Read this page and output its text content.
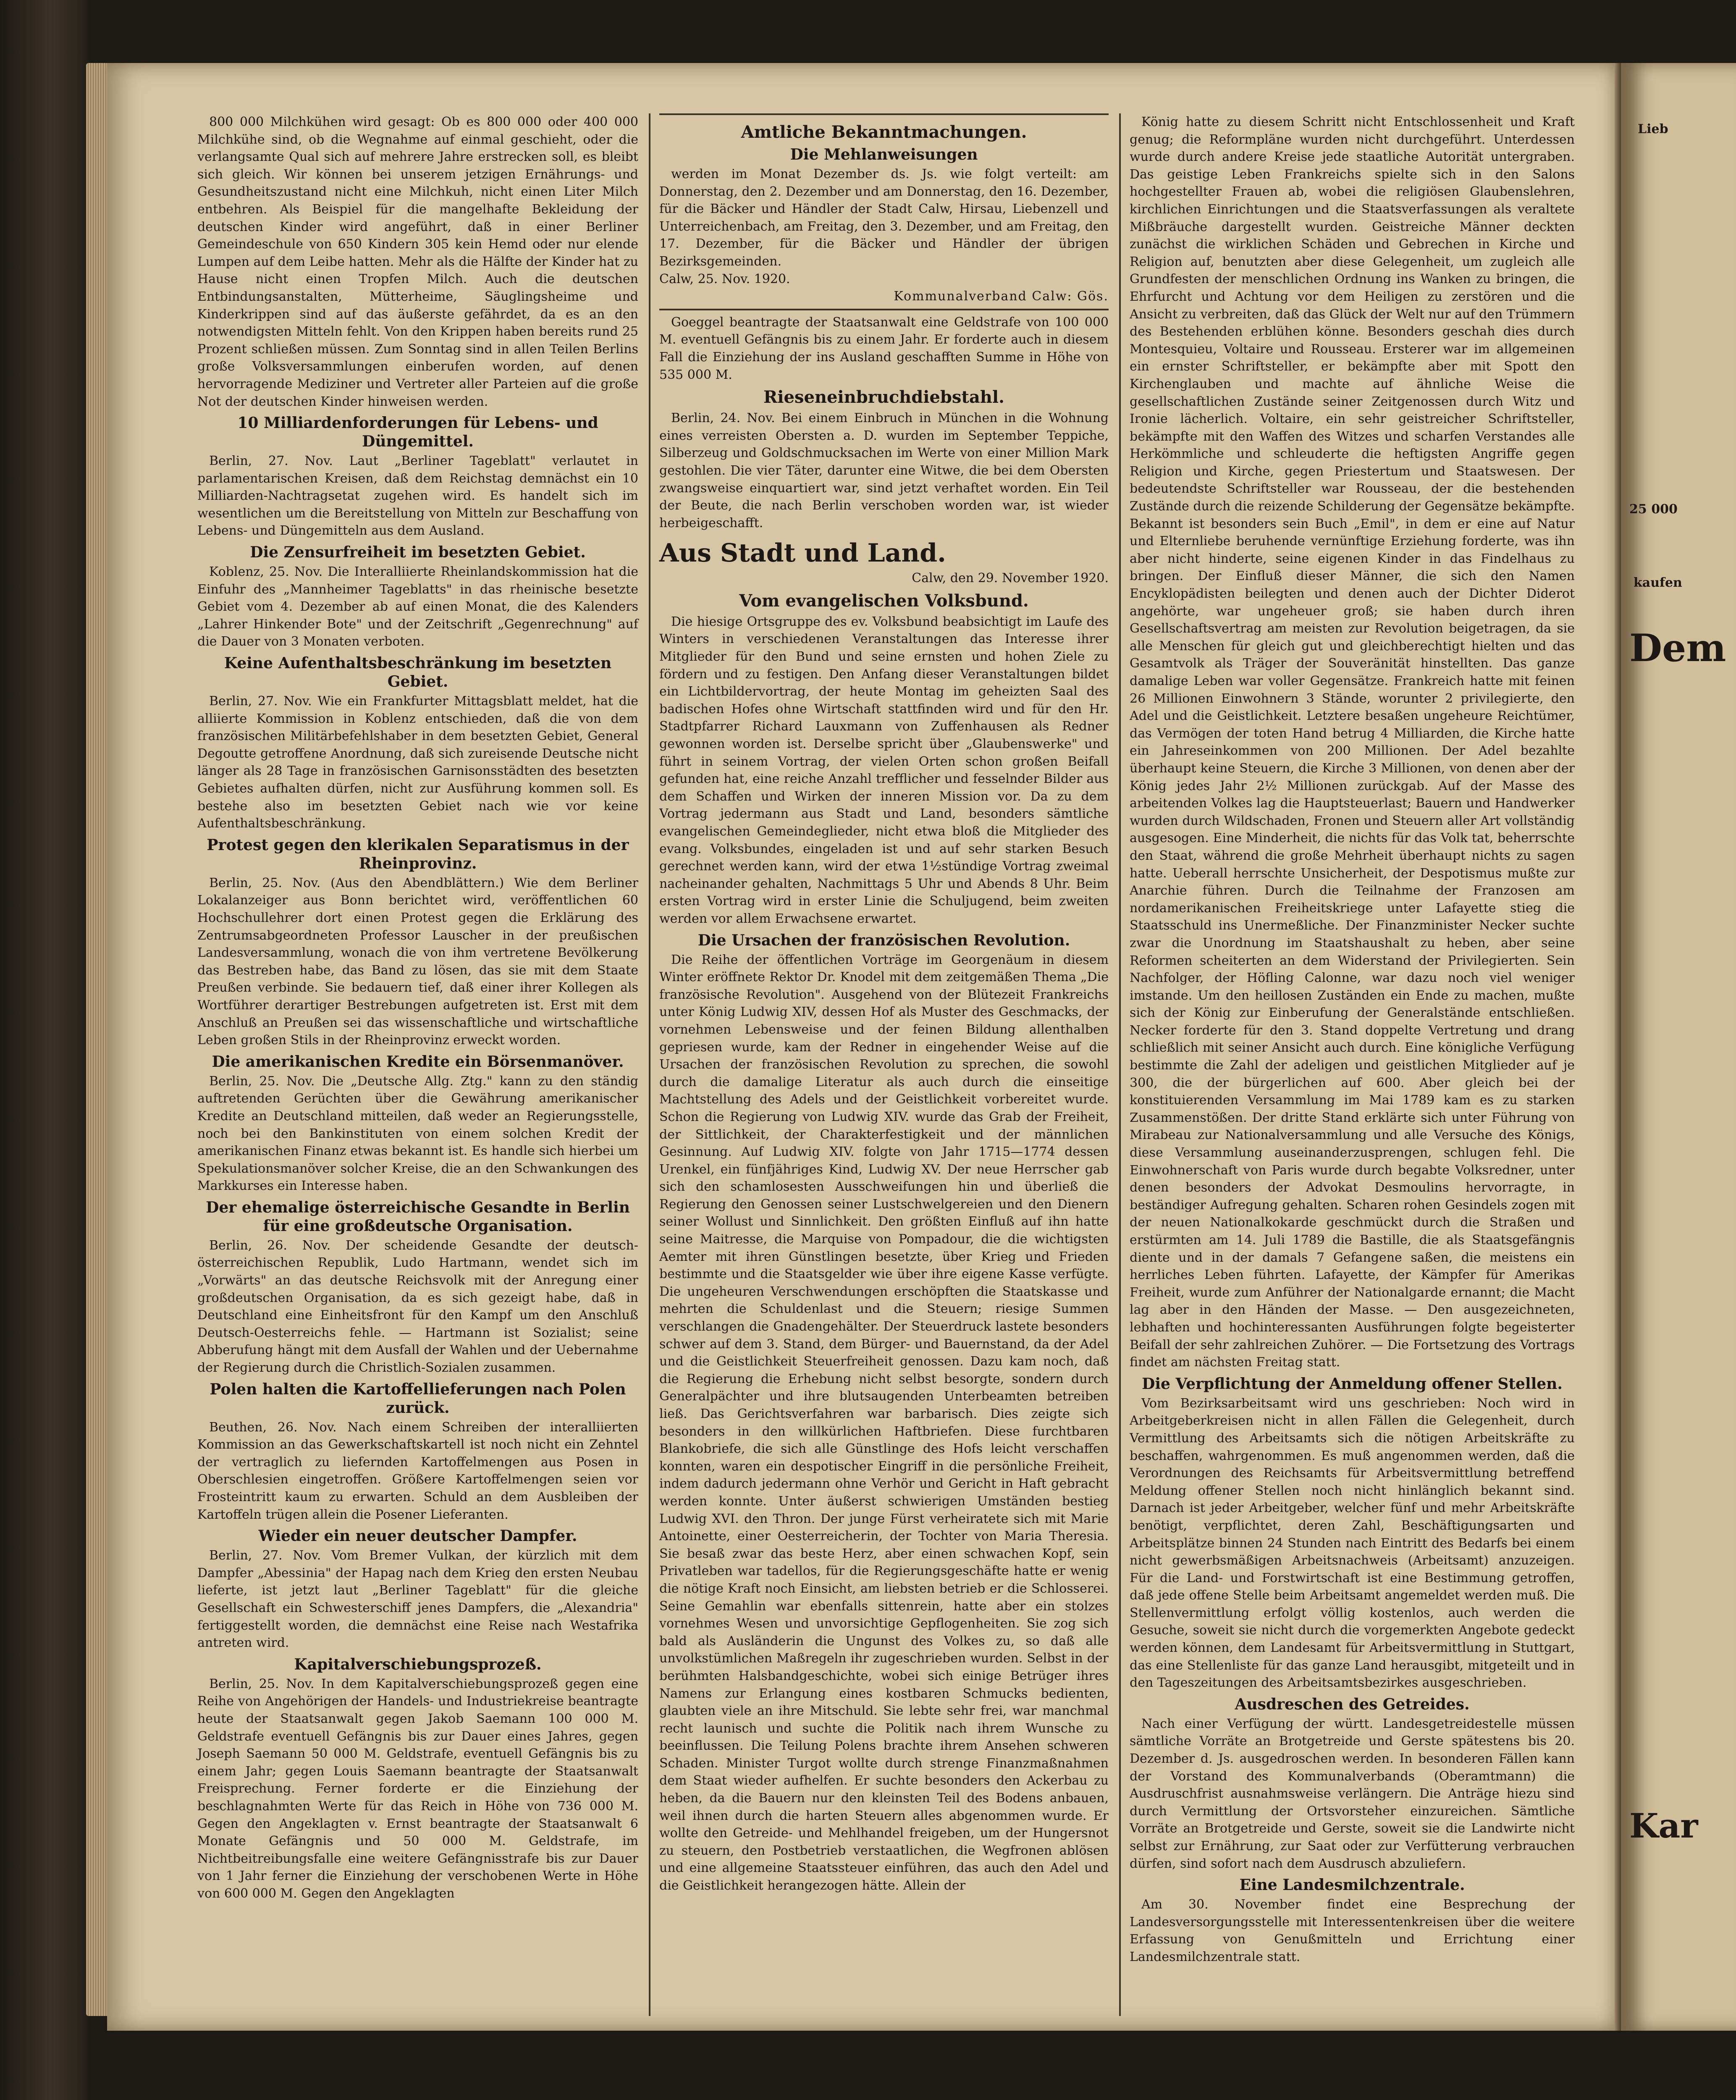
Lieb
kaufen
Dem
Kar
25 000

800 000 Milchkühen wird gesagt: Ob es 800 000 oder 400 000 Milchkühe sind, ob die Wegnahme auf einmal geschieht, oder die verlangsamte Qual sich auf mehrere Jahre erstrecken soll, es bleibt sich gleich. Wir können bei unserem jetzigen Ernährungs- und Gesundheitszustand nicht eine Milchkuh, nicht einen Liter Milch entbehren. Als Beispiel für die mangelhafte Bekleidung der deutschen Kinder wird angeführt, daß in einer Berliner Gemeindeschule von 650 Kindern 305 kein Hemd oder nur elende Lumpen auf dem Leibe hatten. Mehr als die Hälfte der Kinder hat zu Hause nicht einen Tropfen Milch. Auch die deutschen Entbindungsanstalten, Mütterheime, Säuglingsheime und Kinderkrippen sind auf das äußerste gefährdet, da es an den notwendigsten Mitteln fehlt. Von den Krippen haben bereits rund 25 Prozent schließen müssen. Zum Sonntag sind in allen Teilen Berlins große Volksversammlungen einberufen worden, auf denen hervorragende Mediziner und Vertreter aller Parteien auf die große Not der deutschen Kinder hinweisen werden.

10 Milliardenforderungen für Lebens- und Düngemittel.

Berlin, 27. Nov. Laut „Berliner Tageblatt" verlautet in parlamentarischen Kreisen, daß dem Reichstag demnächst ein 10 Milliarden-Nachtragsetat zugehen wird. Es handelt sich im wesentlichen um die Bereitstellung von Mitteln zur Beschaffung von Lebens- und Düngemitteln aus dem Ausland.

Die Zensurfreiheit im besetzten Gebiet.

Koblenz, 25. Nov. Die Interalliierte Rheinlandskommission hat die Einfuhr des „Mannheimer Tageblatts" in das rheinische besetzte Gebiet vom 4. Dezember ab auf einen Monat, die des Kalenders „Lahrer Hinkender Bote" und der Zeitschrift „Gegenrechnung" auf die Dauer von 3 Monaten verboten.

Keine Aufenthaltsbeschränkung im besetzten Gebiet.

Berlin, 27. Nov. Wie ein Frankfurter Mittagsblatt meldet, hat die alliierte Kommission in Koblenz entschieden, daß die von dem französischen Militärbefehlshaber in dem besetzten Gebiet, General Degoutte getroffene Anordnung, daß sich zureisende Deutsche nicht länger als 28 Tage in französischen Garnisonsstädten des besetzten Gebietes aufhalten dürfen, nicht zur Ausführung kommen soll. Es bestehe also im besetzten Gebiet nach wie vor keine Aufenthaltsbeschränkung.

Protest gegen den klerikalen Separatismus in der Rheinprovinz.

Berlin, 25. Nov. (Aus den Abendblättern.) Wie dem Berliner Lokalanzeiger aus Bonn berichtet wird, veröffentlichen 60 Hochschullehrer dort einen Protest gegen die Erklärung des Zentrumsabgeordneten Professor Lauscher in der preußischen Landesversammlung, wonach die von ihm vertretene Bevölkerung das Bestreben habe, das Band zu lösen, das sie mit dem Staate Preußen verbinde. Sie bedauern tief, daß einer ihrer Kollegen als Wortführer derartiger Bestrebungen aufgetreten ist. Erst mit dem Anschluß an Preußen sei das wissenschaftliche und wirtschaftliche Leben großen Stils in der Rheinprovinz erweckt worden.

Die amerikanischen Kredite ein Börsenmanöver.

Berlin, 25. Nov. Die „Deutsche Allg. Ztg." kann zu den ständig auftretenden Gerüchten über die Gewährung amerikanischer Kredite an Deutschland mitteilen, daß weder an Regierungsstelle, noch bei den Bankinstituten von einem solchen Kredit der amerikanischen Finanz etwas bekannt ist. Es handle sich hierbei um Spekulationsmanöver solcher Kreise, die an den Schwankungen des Markkurses ein Interesse haben.

Der ehemalige österreichische Gesandte in Berlin für eine großdeutsche Organisation.

Berlin, 26. Nov. Der scheidende Gesandte der deutsch-österreichischen Republik, Ludo Hartmann, wendet sich im „Vorwärts" an das deutsche Reichsvolk mit der Anregung einer großdeutschen Organisation, da es sich gezeigt habe, daß in Deutschland eine Einheitsfront für den Kampf um den Anschluß Deutsch-Oesterreichs fehle. — Hartmann ist Sozialist; seine Abberufung hängt mit dem Ausfall der Wahlen und der Uebernahme der Regierung durch die Christlich-Sozialen zusammen.

Polen halten die Kartoffellieferungen nach Polen zurück.

Beuthen, 26. Nov. Nach einem Schreiben der interalliierten Kommission an das Gewerkschaftskartell ist noch nicht ein Zehntel der vertraglich zu liefernden Kartoffelmengen aus Posen in Oberschlesien eingetroffen. Größere Kartoffelmengen seien vor Frosteintritt kaum zu erwarten. Schuld an dem Ausbleiben der Kartoffeln trügen allein die Posener Lieferanten.

Wieder ein neuer deutscher Dampfer.

Berlin, 27. Nov. Vom Bremer Vulkan, der kürzlich mit dem Dampfer „Abessinia" der Hapag nach dem Krieg den ersten Neubau lieferte, ist jetzt laut „Berliner Tageblatt" für die gleiche Gesellschaft ein Schwesterschiff jenes Dampfers, die „Alexandria" fertiggestellt worden, die demnächst eine Reise nach Westafrika antreten wird.

Kapitalverschiebungsprozeß.

Berlin, 25. Nov. In dem Kapitalverschiebungsprozeß gegen eine Reihe von Angehörigen der Handels- und Industriekreise beantragte heute der Staatsanwalt gegen Jakob Saemann 100 000 M. Geldstrafe eventuell Gefängnis bis zur Dauer eines Jahres, gegen Joseph Saemann 50 000 M. Geldstrafe, eventuell Gefängnis bis zu einem Jahr; gegen Louis Saemann beantragte der Staatsanwalt Freisprechung. Ferner forderte er die Einziehung der beschlagnahmten Werte für das Reich in Höhe von 736 000 M. Gegen den Angeklagten v. Ernst beantragte der Staatsanwalt 6 Monate Gefängnis und 50 000 M. Geldstrafe, im Nichtbeitreibungsfalle eine weitere Gefängnisstrafe bis zur Dauer von 1 Jahr ferner die Einziehung der verschobenen Werte in Höhe von 600 000 M. Gegen den Angeklagten

Amtliche Bekanntmachungen.
Die Mehlanweisungen

werden im Monat Dezember ds. Js. wie folgt verteilt: am Donnerstag, den 2. Dezember und am Donnerstag, den 16. Dezember, für die Bäcker und Händler der Stadt Calw, Hirsau, Liebenzell und Unterreichenbach, am Freitag, den 3. Dezember, und am Freitag, den 17. Dezember, für die Bäcker und Händler der übrigen Bezirksgemeinden.

Calw, 25. Nov. 1920.
Kommunalverband Calw: Gös.

Goeggel beantragte der Staatsanwalt eine Geldstrafe von 100 000 M. eventuell Gefängnis bis zu einem Jahr. Er forderte auch in diesem Fall die Einziehung der ins Ausland geschafften Summe in Höhe von 535 000 M.

Rieseneinbruchdiebstahl.

Berlin, 24. Nov. Bei einem Einbruch in München in die Wohnung eines verreisten Obersten a. D. wurden im September Teppiche, Silberzeug und Goldschmucksachen im Werte von einer Million Mark gestohlen. Die vier Täter, darunter eine Witwe, die bei dem Obersten zwangsweise einquartiert war, sind jetzt verhaftet worden. Ein Teil der Beute, die nach Berlin verschoben worden war, ist wieder herbeigeschafft.

Aus Stadt und Land.
Calw, den 29. November 1920.
Vom evangelischen Volksbund.

Die hiesige Ortsgruppe des ev. Volksbund beabsichtigt im Laufe des Winters in verschiedenen Veranstaltungen das Interesse ihrer Mitglieder für den Bund und seine ernsten und hohen Ziele zu fördern und zu festigen. Den Anfang dieser Veranstaltungen bildet ein Lichtbildervortrag, der heute Montag im geheizten Saal des badischen Hofes ohne Wirtschaft stattfinden wird und für den Hr. Stadtpfarrer Richard Lauxmann von Zuffenhausen als Redner gewonnen worden ist. Derselbe spricht über „Glaubenswerke" und führt in seinem Vortrag, der vielen Orten schon großen Beifall gefunden hat, eine reiche Anzahl trefflicher und fesselnder Bilder aus dem Schaffen und Wirken der inneren Mission vor. Da zu dem Vortrag jedermann aus Stadt und Land, besonders sämtliche evangelischen Gemeindeglieder, nicht etwa bloß die Mitglieder des evang. Volksbundes, eingeladen ist und auf sehr starken Besuch gerechnet werden kann, wird der etwa 1½stündige Vortrag zweimal nacheinander gehalten, Nachmittags 5 Uhr und Abends 8 Uhr. Beim ersten Vortrag wird in erster Linie die Schuljugend, beim zweiten werden vor allem Erwachsene erwartet.

Die Ursachen der französischen Revolution.

Die Reihe der öffentlichen Vorträge im Georgenäum in diesem Winter eröffnete Rektor Dr. Knodel mit dem zeitgemäßen Thema „Die französische Revolution". Ausgehend von der Blütezeit Frankreichs unter König Ludwig XIV, dessen Hof als Muster des Geschmacks, der vornehmen Lebensweise und der feinen Bildung allenthalben gepriesen wurde, kam der Redner in eingehender Weise auf die Ursachen der französischen Revolution zu sprechen, die sowohl durch die damalige Literatur als auch durch die einseitige Machtstellung des Adels und der Geistlichkeit vorbereitet wurde. Schon die Regierung von Ludwig XIV. wurde das Grab der Freiheit, der Sittlichkeit, der Charakterfestigkeit und der männlichen Gesinnung. Auf Ludwig XIV. folgte von Jahr 1715—1774 dessen Urenkel, ein fünfjähriges Kind, Ludwig XV. Der neue Herrscher gab sich den schamlosesten Ausschweifungen hin und überließ die Regierung den Genossen seiner Lustschwelgereien und den Dienern seiner Wollust und Sinnlichkeit. Den größten Einfluß auf ihn hatte seine Maitresse, die Marquise von Pompadour, die die wichtigsten Aemter mit ihren Günstlingen besetzte, über Krieg und Frieden bestimmte und die Staatsgelder wie über ihre eigene Kasse verfügte. Die ungeheuren Verschwendungen erschöpften die Staatskasse und mehrten die Schuldenlast und die Steuern; riesige Summen verschlangen die Gnadengehälter. Der Steuerdruck lastete besonders schwer auf dem 3. Stand, dem Bürger- und Bauernstand, da der Adel und die Geistlichkeit Steuerfreiheit genossen. Dazu kam noch, daß die Regierung die Erhebung nicht selbst besorgte, sondern durch Generalpächter und ihre blutsaugenden Unterbeamten betreiben ließ. Das Gerichtsverfahren war barbarisch. Dies zeigte sich besonders in den willkürlichen Haftbriefen. Diese furchtbaren Blankobriefe, die sich alle Günstlinge des Hofs leicht verschaffen konnten, waren ein despotischer Eingriff in die persönliche Freiheit, indem dadurch jedermann ohne Verhör und Gericht in Haft gebracht werden konnte. Unter äußerst schwierigen Umständen bestieg Ludwig XVI. den Thron. Der junge Fürst verheiratete sich mit Marie Antoinette, einer Oesterreicherin, der Tochter von Maria Theresia. Sie besaß zwar das beste Herz, aber einen schwachen Kopf, sein Privatleben war tadellos, für die Regierungsgeschäfte hatte er wenig die nötige Kraft noch Einsicht, am liebsten betrieb er die Schlosserei. Seine Gemahlin war ebenfalls sittenrein, hatte aber ein stolzes vornehmes Wesen und unvorsichtige Gepflogenheiten. Sie zog sich bald als Ausländerin die Ungunst des Volkes zu, so daß alle unvolkstümlichen Maßregeln ihr zugeschrieben wurden. Selbst in der berühmten Halsbandgeschichte, wobei sich einige Betrüger ihres Namens zur Erlangung eines kostbaren Schmucks bedienten, glaubten viele an ihre Mitschuld. Sie lebte sehr frei, war manchmal recht launisch und suchte die Politik nach ihrem Wunsche zu beeinflussen. Die Teilung Polens brachte ihrem Ansehen schweren Schaden. Minister Turgot wollte durch strenge Finanzmaßnahmen dem Staat wieder aufhelfen. Er suchte besonders den Ackerbau zu heben, da die Bauern nur den kleinsten Teil des Bodens anbauen, weil ihnen durch die harten Steuern alles abgenommen wurde. Er wollte den Getreide- und Mehlhandel freigeben, um der Hungersnot zu steuern, den Postbetrieb verstaatlichen, die Wegfronen ablösen und eine allgemeine Staatssteuer einführen, das auch den Adel und die Geistlichkeit herangezogen hätte. Allein der

König hatte zu diesem Schritt nicht Entschlossenheit und Kraft genug; die Reformpläne wurden nicht durchgeführt. Unterdessen wurde durch andere Kreise jede staatliche Autorität untergraben. Das geistige Leben Frankreichs spielte sich in den Salons hochgestellter Frauen ab, wobei die religiösen Glaubenslehren, kirchlichen Einrichtungen und die Staatsverfassungen als veraltete Mißbräuche dargestellt wurden. Geistreiche Männer deckten zunächst die wirklichen Schäden und Gebrechen in Kirche und Religion auf, benutzten aber diese Gelegenheit, um zugleich alle Grundfesten der menschlichen Ordnung ins Wanken zu bringen, die Ehrfurcht und Achtung vor dem Heiligen zu zerstören und die Ansicht zu verbreiten, daß das Glück der Welt nur auf den Trümmern des Bestehenden erblühen könne. Besonders geschah dies durch Montesquieu, Voltaire und Rousseau. Ersterer war im allgemeinen ein ernster Schriftsteller, er bekämpfte aber mit Spott den Kirchenglauben und machte auf ähnliche Weise die gesellschaftlichen Zustände seiner Zeitgenossen durch Witz und Ironie lächerlich. Voltaire, ein sehr geistreicher Schriftsteller, bekämpfte mit den Waffen des Witzes und scharfen Verstandes alle Herkömmliche und schleuderte die heftigsten Angriffe gegen Religion und Kirche, gegen Priestertum und Staatswesen. Der bedeutendste Schriftsteller war Rousseau, der die bestehenden Zustände durch die reizende Schilderung der Gegensätze bekämpfte. Bekannt ist besonders sein Buch „Emil", in dem er eine auf Natur und Elternliebe beruhende vernünftige Erziehung forderte, was ihn aber nicht hinderte, seine eigenen Kinder in das Findelhaus zu bringen. Der Einfluß dieser Männer, die sich den Namen Encyklopädisten beilegten und denen auch der Dichter Diderot angehörte, war ungeheuer groß; sie haben durch ihren Gesellschaftsvertrag am meisten zur Revolution beigetragen, da sie alle Menschen für gleich gut und gleichberechtigt hielten und das Gesamtvolk als Träger der Souveränität hinstellten. Das ganze damalige Leben war voller Gegensätze. Frankreich hatte mit feinen 26 Millionen Einwohnern 3 Stände, worunter 2 privilegierte, den Adel und die Geistlichkeit. Letztere besaßen ungeheure Reichtümer, das Vermögen der toten Hand betrug 4 Milliarden, die Kirche hatte ein Jahreseinkommen von 200 Millionen. Der Adel bezahlte überhaupt keine Steuern, die Kirche 3 Millionen, von denen aber der König jedes Jahr 2½ Millionen zurückgab. Auf der Masse des arbeitenden Volkes lag die Hauptsteuerlast; Bauern und Handwerker wurden durch Wildschaden, Fronen und Steuern aller Art vollständig ausgesogen. Eine Minderheit, die nichts für das Volk tat, beherrschte den Staat, während die große Mehrheit überhaupt nichts zu sagen hatte. Ueberall herrschte Unsicherheit, der Despotismus mußte zur Anarchie führen. Durch die Teilnahme der Franzosen am nordamerikanischen Freiheitskriege unter Lafayette stieg die Staatsschuld ins Unermeßliche. Der Finanzminister Necker suchte zwar die Unordnung im Staatshaushalt zu heben, aber seine Reformen scheiterten an dem Widerstand der Privilegierten. Sein Nachfolger, der Höfling Calonne, war dazu noch viel weniger imstande. Um den heillosen Zuständen ein Ende zu machen, mußte sich der König zur Einberufung der Generalstände entschließen. Necker forderte für den 3. Stand doppelte Vertretung und drang schließlich mit seiner Ansicht auch durch. Eine königliche Verfügung bestimmte die Zahl der adeligen und geistlichen Mitglieder auf je 300, die der bürgerlichen auf 600. Aber gleich bei der konstituierenden Versammlung im Mai 1789 kam es zu starken Zusammenstößen. Der dritte Stand erklärte sich unter Führung von Mirabeau zur Nationalversammlung und alle Versuche des Königs, diese Versammlung auseinanderzusprengen, schlugen fehl. Die Einwohnerschaft von Paris wurde durch begabte Volksredner, unter denen besonders der Advokat Desmoulins hervorragte, in beständiger Aufregung gehalten. Scharen rohen Gesindels zogen mit der neuen Nationalkokarde geschmückt durch die Straßen und erstürmten am 14. Juli 1789 die Bastille, die als Staatsgefängnis diente und in der damals 7 Gefangene saßen, die meistens ein herrliches Leben führten. Lafayette, der Kämpfer für Amerikas Freiheit, wurde zum Anführer der Nationalgarde ernannt; die Macht lag aber in den Händen der Masse. — Den ausgezeichneten, lebhaften und hochinteressanten Ausführungen folgte begeisterter Beifall der sehr zahlreichen Zuhörer. — Die Fortsetzung des Vortrags findet am nächsten Freitag statt.

Die Verpflichtung der Anmeldung offener Stellen.

Vom Bezirksarbeitsamt wird uns geschrieben: Noch wird in Arbeitgeberkreisen nicht in allen Fällen die Gelegenheit, durch Vermittlung des Arbeitsamts sich die nötigen Arbeitskräfte zu beschaffen, wahrgenommen. Es muß angenommen werden, daß die Verordnungen des Reichsamts für Arbeitsvermittlung betreffend Meldung offener Stellen noch nicht hinlänglich bekannt sind. Darnach ist jeder Arbeitgeber, welcher fünf und mehr Arbeitskräfte benötigt, verpflichtet, deren Zahl, Beschäftigungsarten und Arbeitsplätze binnen 24 Stunden nach Eintritt des Bedarfs bei einem nicht gewerbsmäßigen Arbeitsnachweis (Arbeitsamt) anzuzeigen. Für die Land- und Forstwirtschaft ist eine Bestimmung getroffen, daß jede offene Stelle beim Arbeitsamt angemeldet werden muß. Die Stellenvermittlung erfolgt völlig kostenlos, auch werden die Gesuche, soweit sie nicht durch die vorgemerkten Angebote gedeckt werden können, dem Landesamt für Arbeitsvermittlung in Stuttgart, das eine Stellenliste für das ganze Land herausgibt, mitgeteilt und in den Tageszeitungen des Arbeitsamtsbezirkes ausgeschrieben.

Ausdreschen des Getreides.

Nach einer Verfügung der württ. Landesgetreidestelle müssen sämtliche Vorräte an Brotgetreide und Gerste spätestens bis 20. Dezember d. Js. ausgedroschen werden. In besonderen Fällen kann der Vorstand des Kommunalverbands (Oberamtmann) die Ausdruschfrist ausnahmsweise verlängern. Die Anträge hiezu sind durch Vermittlung der Ortsvorsteher einzureichen. Sämtliche Vorräte an Brotgetreide und Gerste, soweit sie die Landwirte nicht selbst zur Ernährung, zur Saat oder zur Verfütterung verbrauchen dürfen, sind sofort nach dem Ausdrusch abzuliefern.

Eine Landesmilchzentrale.

Am 30. November findet eine Besprechung der Landesversorgungsstelle mit Interessentenkreisen über die weitere Erfassung von Genußmitteln und Errichtung einer Landesmilchzentrale statt.
